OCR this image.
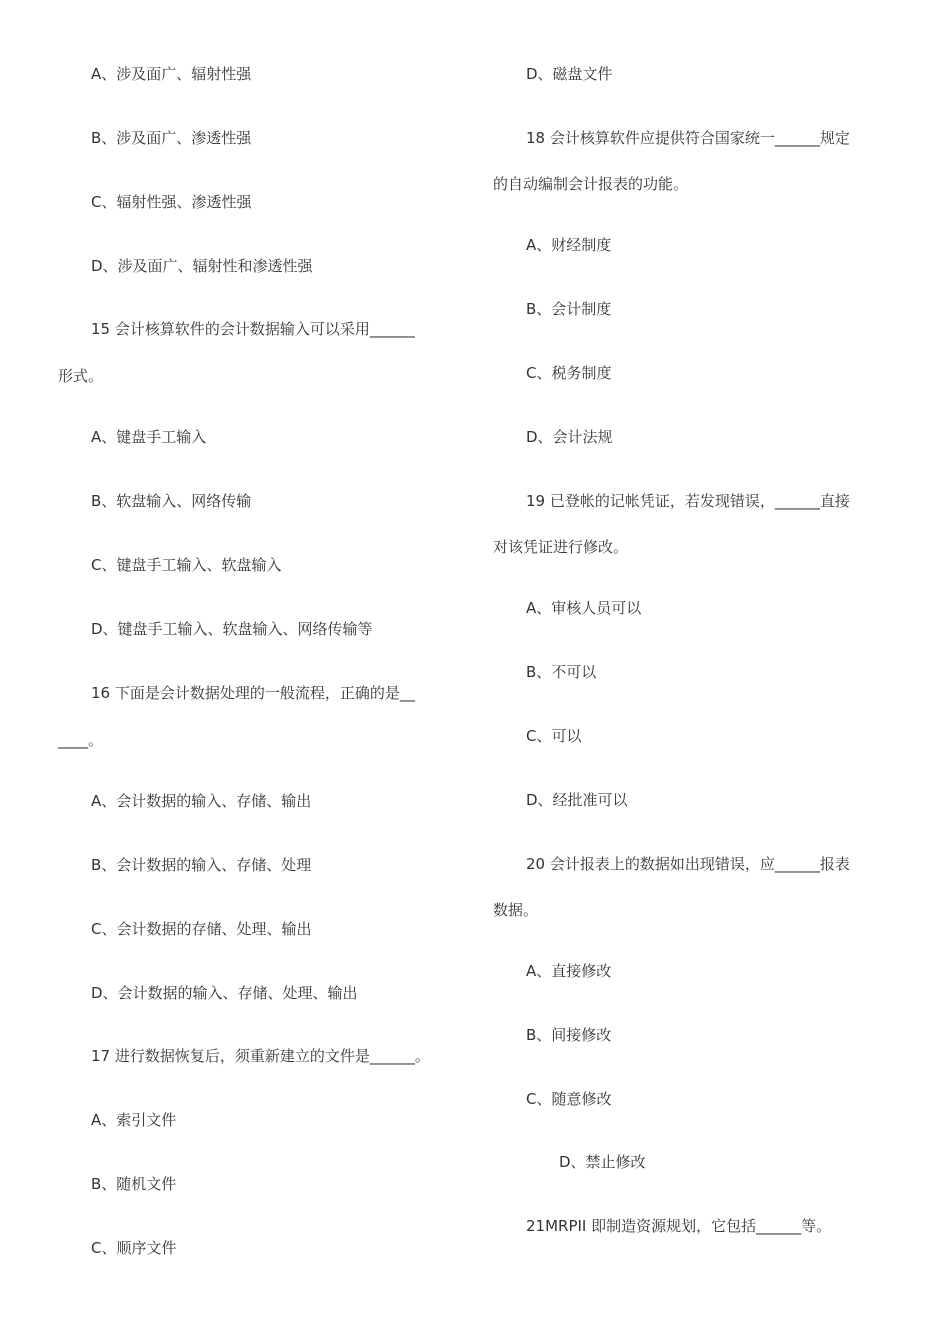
A、涉及面广、辐射性强
B、涉及面广、渗透性强
C、辐射性强、渗透性强
D、涉及面广、辐射性和渗透性强
15 会计核算软件的会计数据输入可以采用______
形式。
A、键盘手工输入
B、软盘输入、网络传输
C、键盘手工输入、软盘输入
D、键盘手工输入、软盘输入、网络传输等
16 下面是会计数据处理的一般流程，正确的是__
____。
A、会计数据的输入、存储、输出
B、会计数据的输入、存储、处理
C、会计数据的存储、处理、输出
D、会计数据的输入、存储、处理、输出
17 进行数据恢复后，须重新建立的文件是______。
A、索引文件
B、随机文件
C、顺序文件
D、磁盘文件
18 会计核算软件应提供符合国家统一______规定
的自动编制会计报表的功能。
A、财经制度
B、会计制度
C、税务制度
D、会计法规
19 已登帐的记帐凭证，若发现错误，______直接
对该凭证进行修改。
A、审核人员可以
B、不可以
C、可以
D、经批准可以
20 会计报表上的数据如出现错误，应______报表
数据。
A、直接修改
B、间接修改
C、随意修改
D、禁止修改
21MRPII 即制造资源规划，它包括______等。
